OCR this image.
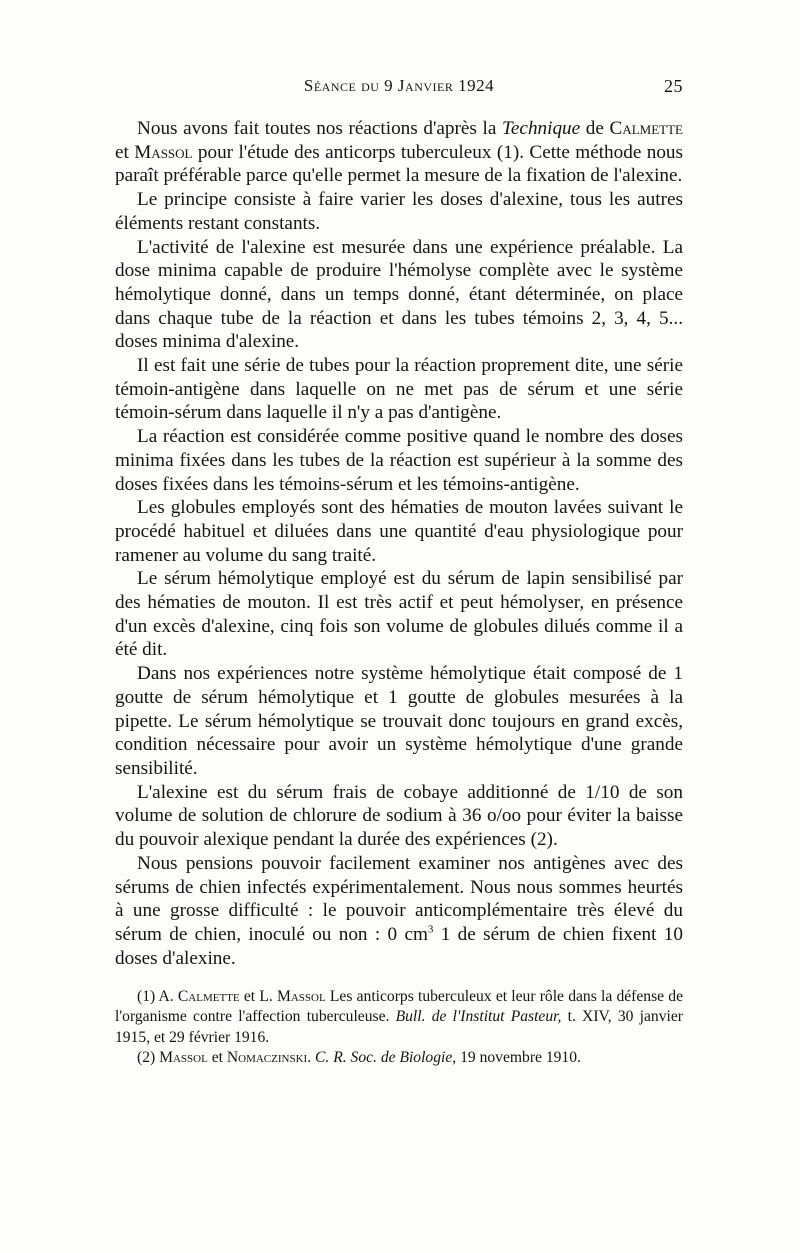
Séance du 9 Janvier 1924	25

Nous avons fait toutes nos réactions d'après la Technique de Calmette et Massol pour l'étude des anticorps tuberculeux (1). Cette méthode nous paraît préférable parce qu'elle permet la mesure de la fixation de l'alexine.

Le principe consiste à faire varier les doses d'alexine, tous les autres éléments restant constants.

L'activité de l'alexine est mesurée dans une expérience préalable. La dose minima capable de produire l'hémolyse complète avec le système hémolytique donné, dans un temps donné, étant déterminée, on place dans chaque tube de la réaction et dans les tubes témoins 2, 3, 4, 5... doses minima d'alexine.

Il est fait une série de tubes pour la réaction proprement dite, une série témoin-antigène dans laquelle on ne met pas de sérum et une série témoin-sérum dans laquelle il n'y a pas d'antigène.

La réaction est considérée comme positive quand le nombre des doses minima fixées dans les tubes de la réaction est supérieur à la somme des doses fixées dans les témoins-sérum et les témoins-antigène.

Les globules employés sont des hématies de mouton lavées suivant le procédé habituel et diluées dans une quantité d'eau physiologique pour ramener au volume du sang traité.

Le sérum hémolytique employé est du sérum de lapin sensibilisé par des hématies de mouton. Il est très actif et peut hémolyser, en présence d'un excès d'alexine, cinq fois son volume de globules dilués comme il a été dit.

Dans nos expériences notre système hémolytique était composé de 1 goutte de sérum hémolytique et 1 goutte de globules mesurées à la pipette. Le sérum hémolytique se trouvait donc toujours en grand excès, condition nécessaire pour avoir un système hémolytique d'une grande sensibilité.

L'alexine est du sérum frais de cobaye additionné de 1/10 de son volume de solution de chlorure de sodium à 36 o/oo pour éviter la baisse du pouvoir alexique pendant la durée des expériences (2).

Nous pensions pouvoir facilement examiner nos antigènes avec des sérums de chien infectés expérimentalement. Nous nous sommes heurtés à une grosse difficulté : le pouvoir anticomplémentaire très élevé du sérum de chien, inoculé ou non : 0 $cm^3$ 1 de sérum de chien fixent 10 doses d'alexine.

(1) A. Calmette et L. Massol Les anticorps tuberculeux et leur rôle dans la défense de l'organisme contre l'affection tuberculeuse. Bull. de l'Institut Pasteur, t. XIV, 30 janvier 1915, et 29 février 1916.

(2) Massol et Nomaczinski. C. R. Soc. de Biologie, 19 novembre 1910.
